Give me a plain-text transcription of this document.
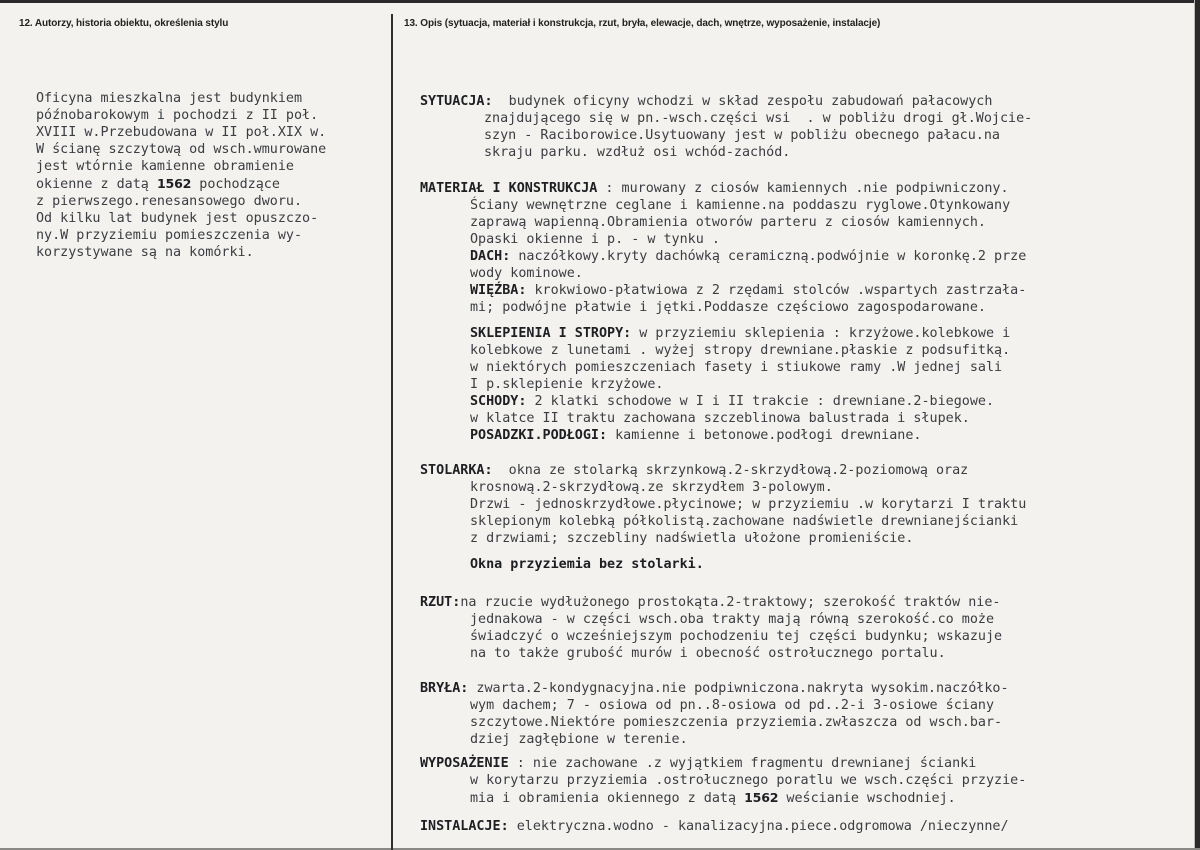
12. Autorzy, historia obiektu, określenia stylu	13. Opis (sytuacja, materiał i konstrukcja, rzut, bryła, elewacje, dach, wnętrze, wyposażenie, instalacje)
Oficyna mieszkalna jest budynkiem
późnobarokowym i pochodzi z II poł.
XVIII w.Przebudowana w II poł.XIX w.
W ścianę szczytową od wsch.wmurowane
jest wtórnie kamienne obramienie
okienne z datą 1562 pochodzące
z pierwszego.renesansowego dworu.
Od kilku lat budynek jest opuszczo-
ny.W przyziemiu pomieszczenia wy-
korzystywane są na komórki.
SYTUACJA:  budynek oficyny wchodzi w skład zespołu zabudowań pałacowych
znajdującego się w pn.-wsch.części wsi  . w pobliżu drogi gł.Wojcie-
szyn - Raciborowice.Usytuowany jest w pobliżu obecnego pałacu.na
skraju parku. wzdłuż osi wchód-zachód.
MATERIAŁ I KONSTRUKCJA : murowany z ciosów kamiennych .nie podpiwniczony.
Ściany wewnętrzne ceglane i kamienne.na poddaszu ryglowe.Otynkowany
zaprawą wapienną.Obramienia otworów parteru z ciosów kamiennych.
Opaski okienne i p. - w tynku .
DACH: naczółkowy.kryty dachówką ceramiczną.podwójnie w koronkę.2 prze
wody kominowe.
WIĘŹBA: krokwiowo-płatwiowa z 2 rzędami stolców .wspartych zastrzała-
mi; podwójne płatwie i jętki.Poddasze częściowo zagospodarowane.
SKLEPIENIA I STROPY: w przyziemiu sklepienia : krzyżowe.kolebkowe i
kolebkowe z lunetami . wyżej stropy drewniane.płaskie z podsufitką.
w niektórych pomieszczeniach fasety i stiukowe ramy .W jednej sali
I p.sklepienie krzyżowe.
SCHODY: 2 klatki schodowe w I i II trakcie : drewniane.2-biegowe.
w klatce II traktu zachowana szczeblinowa balustrada i słupek.
POSADZKI.PODŁOGI: kamienne i betonowe.podłogi drewniane.
STOLARKA:  okna ze stolarką skrzynkową.2-skrzydłową.2-poziomową oraz
krosnową.2-skrzydłową.ze skrzydłem 3-polowym.
Drzwi - jednoskrzydłowe.płycinowe; w przyziemiu .w korytarzi I traktu
sklepionym kolebką półkolistą.zachowane nadświetle drewnianejścianki
z drzwiami; szczebliny nadświetla ułożone promieniście.
Okna przyziemia bez stolarki.
RZUT:na rzucie wydłużonego prostokąta.2-traktowy; szerokość traktów nie-
jednakowa - w części wsch.oba trakty mają równą szerokość.co może
świadczyć o wcześniejszym pochodzeniu tej części budynku; wskazuje
na to także grubość murów i obecność ostrołucznego portalu.
BRYŁA: zwarta.2-kondygnacyjna.nie podpiwniczona.nakryta wysokim.naczółko-
wym dachem; 7 - osiowa od pn..8-osiowa od pd..2-i 3-osiowe ściany
szczytowe.Niektóre pomieszczenia przyziemia.zwłaszcza od wsch.bar-
dziej zagłębione w terenie.
WYPOSAŻENIE : nie zachowane .z wyjątkiem fragmentu drewnianej ścianki
w korytarzu przyziemia .ostrołucznego poratlu we wsch.części przyzie-
mia i obramienia okiennego z datą 1562 weścianie wschodniej.
INSTALACJE: elektryczna.wodno - kanalizacyjna.piece.odgromowa /nieczynne/
